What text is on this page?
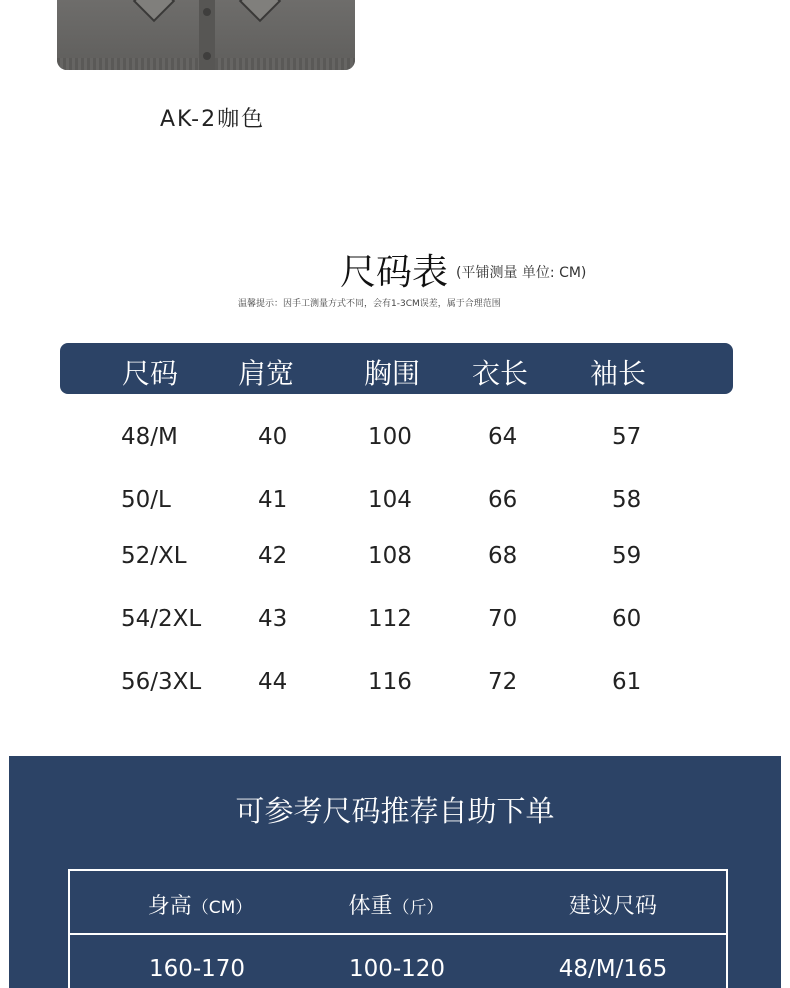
AK-2咖色
尺码表 (平铺测量 单位: CM)
温馨提示：因手工测量方式不同，会有1-3CM误差，属于合理范围
尺码 肩宽 胸围 衣长 袖长
48/M	40	100	64	57
50/L	41	104	66	58
52/XL	42	108	68	59
54/2XL 43	112	70	60
56/3XL 44	116	72	61
可参考尺码推荐自助下单
身高（CM）	体重（斤）	建议尺码
160-170	100-120	48/M/165
